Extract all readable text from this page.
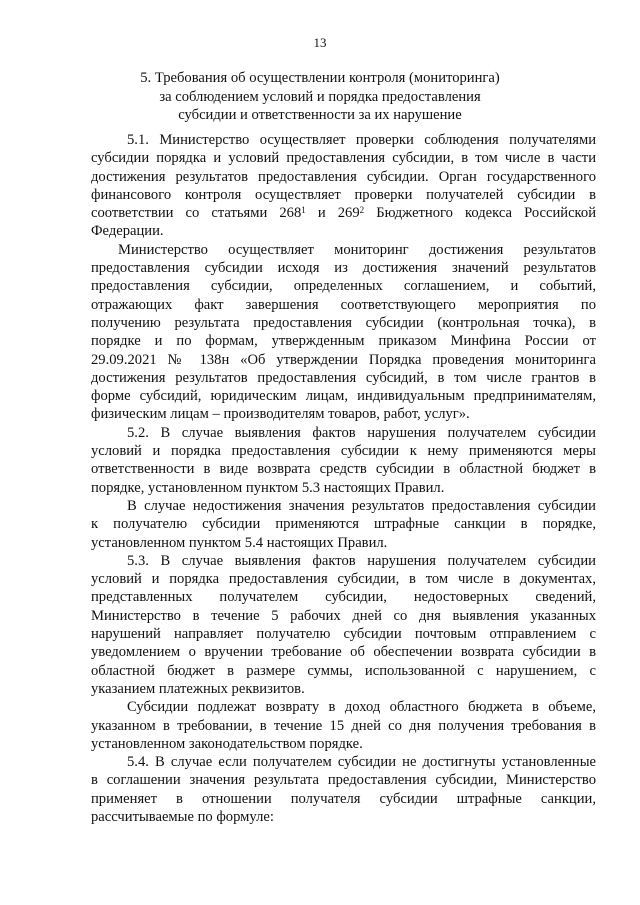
13
5. Требования об осуществлении контроля (мониторинга)
за соблюдением условий и порядка предоставления
субсидии и ответственности за их нарушение
5.1. Министерство осуществляет проверки соблюдения получателями
субсидии порядка и условий предоставления субсидии, в том числе в части
достижения результатов предоставления субсидии. Орган государственного
финансового контроля осуществляет проверки получателей субсидии в
соответствии со статьями $268^1$ и $269^2$ Бюджетного кодекса Российской
Федерации.
Министерство осуществляет мониторинг достижения результатов
предоставления субсидии исходя из достижения значений результатов
предоставления субсидии, определенных соглашением, и событий,
отражающих факт завершения соответствующего мероприятия по
получению результата предоставления субсидии (контрольная точка), в
порядке и по формам, утвержденным приказом Минфина России от
29.09.2021 № 138н «Об утверждении Порядка проведения мониторинга
достижения результатов предоставления субсидий, в том числе грантов в
форме субсидий, юридическим лицам, индивидуальным предпринимателям,
физическим лицам – производителям товаров, работ, услуг».
5.2. В случае выявления фактов нарушения получателем субсидии
условий и порядка предоставления субсидии к нему применяются меры
ответственности в виде возврата средств субсидии в областной бюджет в
порядке, установленном пунктом 5.3 настоящих Правил.
В случае недостижения значения результатов предоставления субсидии
к получателю субсидии применяются штрафные санкции в порядке,
установленном пунктом 5.4 настоящих Правил.
5.3. В случае выявления фактов нарушения получателем субсидии
условий и порядка предоставления субсидии, в том числе в документах,
представленных получателем субсидии, недостоверных сведений,
Министерство в течение 5 рабочих дней со дня выявления указанных
нарушений направляет получателю субсидии почтовым отправлением с
уведомлением о вручении требование об обеспечении возврата субсидии в
областной бюджет в размере суммы, использованной с нарушением, с
указанием платежных реквизитов.
Субсидии подлежат возврату в доход областного бюджета в объеме,
указанном в требовании, в течение 15 дней со дня получения требования в
установленном законодательством порядке.
5.4. В случае если получателем субсидии не достигнуты установленные
в соглашении значения результата предоставления субсидии, Министерство
применяет в отношении получателя субсидии штрафные санкции,
рассчитываемые по формуле:
